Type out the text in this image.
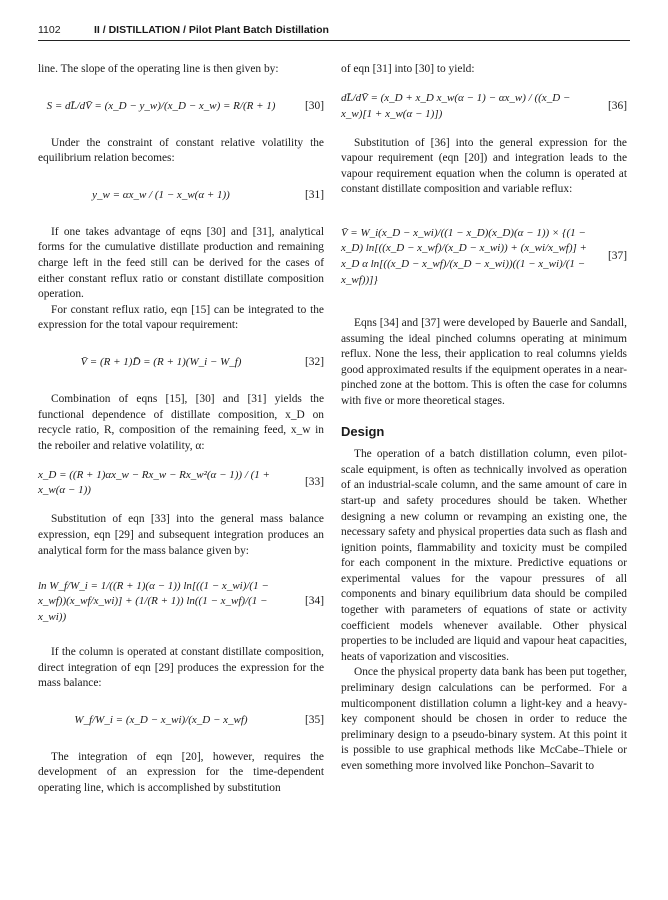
1102	II / DISTILLATION / Pilot Plant Batch Distillation

line. The slope of the operating line is then given by:

S = dL̄/dV̄ = (x_D − y_w)/(x_D − x_w) = R/(R + 1)	[30]

Under the constraint of constant relative volatility the equilibrium relation becomes:

y_w = αx_w / (1 − x_w(α + 1))	[31]

If one takes advantage of eqns [30] and [31], analytical forms for the cumulative distillate production and remaining charge left in the feed still can be derived for the cases of either constant reflux ratio or constant distillate composition operation.

For constant reflux ratio, eqn [15] can be integrated to the expression for the total vapour requirement:

V̄ = (R + 1)D̄ = (R + 1)(W_i − W_f)	[32]

Combination of eqns [15], [30] and [31] yields the functional dependence of distillate composition, x_D on recycle ratio, R, composition of the remaining feed, x_w in the reboiler and relative volatility, α:

x_D = ((R + 1)αx_w − Rx_w − Rx_w²(α − 1)) / (1 + x_w(α − 1))
[33]

Substitution of eqn [33] into the general mass balance expression, eqn [29] and subsequent integration produces an analytical form for the mass balance given by:

ln W_f/W_i = 1/((R + 1)(α − 1)) ln[((1 − x_wi)/(1 − x_wf))(x_wf/x_wi)] + (1/(R + 1)) ln((1 − x_wf)/(1 − x_wi))
[34]

If the column is operated at constant distillate composition, direct integration of eqn [29] produces the expression for the mass balance:

W_f/W_i = (x_D − x_wi)/(x_D − x_wf)	[35]

The integration of eqn [20], however, requires the development of an expression for the time-dependent operating line, which is accomplished by substitution

of eqn [31] into [30] to yield:

dL̄/dV̄ = (x_D + x_D x_w(α − 1) − αx_w) / ((x_D − x_w)[1 + x_w(α − 1)])
[36]

Substitution of [36] into the general expression for the vapour requirement (eqn [20]) and integration leads to the vapour requirement equation when the column is operated at constant distillate composition and variable reflux:

V̄ = W_i(x_D − x_wi)/((1 − x_D)(x_D)(α − 1)) × {(1 − x_D) ln[((x_D − x_wf)/(x_D − x_wi)) + (x_wi/x_wf)] + x_D α ln[((x_D − x_wf)/(x_D − x_wi))((1 − x_wi)/(1 − x_wf))]}
[37]

Eqns [34] and [37] were developed by Bauerle and Sandall, assuming the ideal pinched columns operating at minimum reflux. None the less, their application to real columns yields good approximated results if the equipment operates in a near-pinched zone at the bottom. This is often the case for columns with five or more theoretical stages.

Design

The operation of a batch distillation column, even pilot-scale equipment, is often as technically involved as operation of an industrial-scale column, and the same amount of care in start-up and safety procedures should be taken. Whether designing a new column or revamping an existing one, the necessary safety and physical properties data such as flash and ignition points, flammability and toxicity must be compiled for each component in the mixture. Predictive equations or experimental values for the vapour pressures of all components and binary equilibrium data should be compiled together with parameters of equations of state or activity coefficient models whenever available. Other physical properties to be included are liquid and vapour heat capacities, heats of vaporization and viscosities.

Once the physical property data bank has been put together, preliminary design calculations can be performed. For a multicomponent distillation column a light-key and a heavy-key component should be chosen in order to reduce the preliminary design to a pseudo-binary system. At this point it is possible to use graphical methods like McCabe–Thiele or even something more involved like Ponchon–Savarit to
